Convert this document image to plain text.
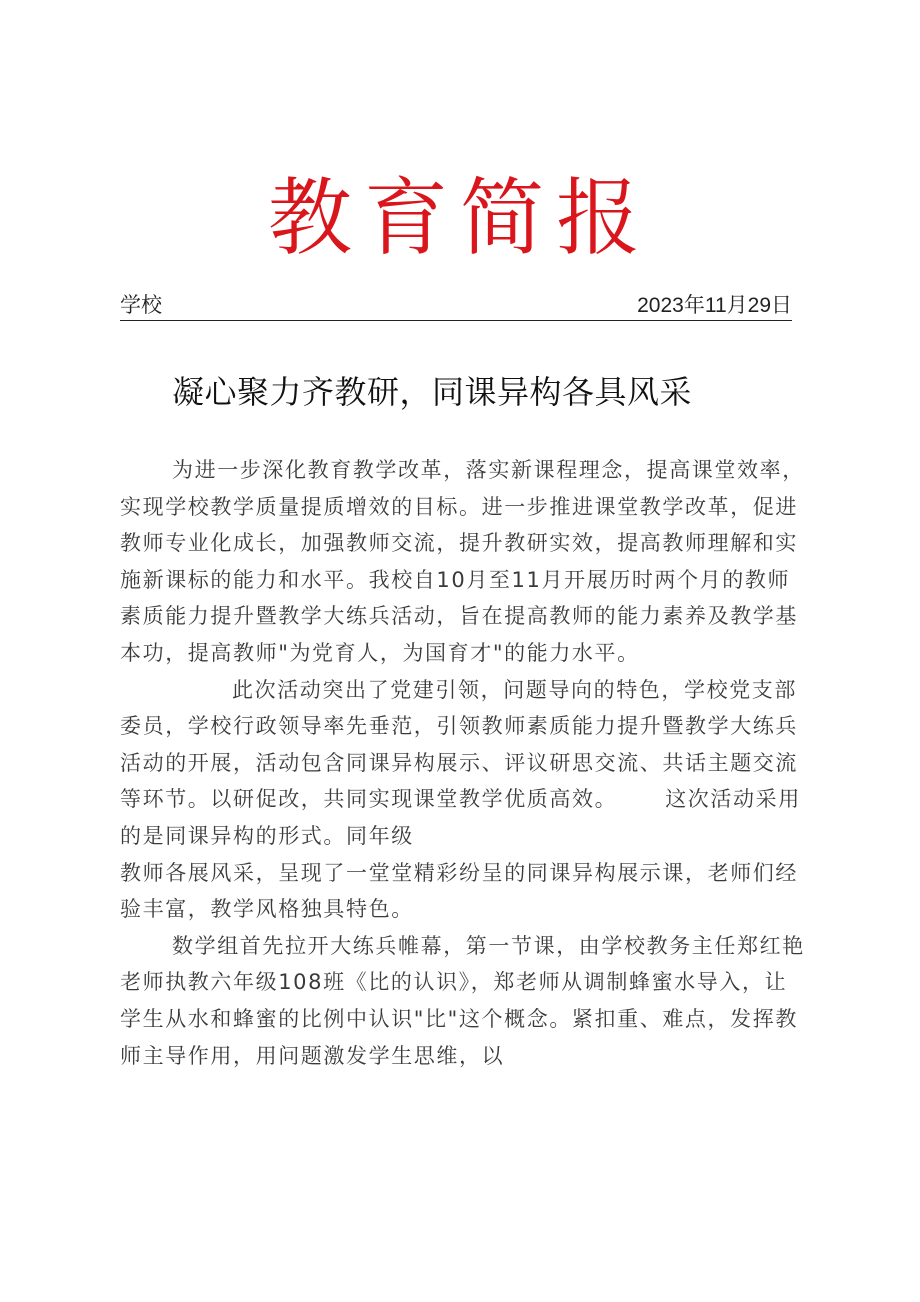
教育简报
学校	2023年11月29日
凝心聚力齐教研，同课异构各具风采
为进一步深化教育教学改革，落实新课程理念，提高课堂效率，
实现学校教学质量提质增效的目标。进一步推进课堂教学改革，促进
教师专业化成长，加强教师交流，提升教研实效，提高教师理解和实
施新课标的能力和水平。我校自10月至11月开展历时两个月的教师
素质能力提升暨教学大练兵活动，旨在提高教师的能力素养及教学基
本功，提高教师"为党育人，为国育才"的能力水平。
此次活动突出了党建引领，问题导向的特色，学校党支部
委员，学校行政领导率先垂范，引领教师素质能力提升暨教学大练兵
活动的开展，活动包含同课异构展示、评议研思交流、共话主题交流
等环节。以研促改，共同实现课堂教学优质高效。 这次活动采用
的是同课异构的形式。同年级
教师各展风采，呈现了一堂堂精彩纷呈的同课异构展示课，老师们经
验丰富，教学风格独具特色。
数学组首先拉开大练兵帷幕，第一节课，由学校教务主任郑红艳
老师执教六年级108班《比的认识》，郑老师从调制蜂蜜水导入，让
学生从水和蜂蜜的比例中认识"比"这个概念。紧扣重、难点，发挥教
师主导作用，用问题激发学生思维，以
